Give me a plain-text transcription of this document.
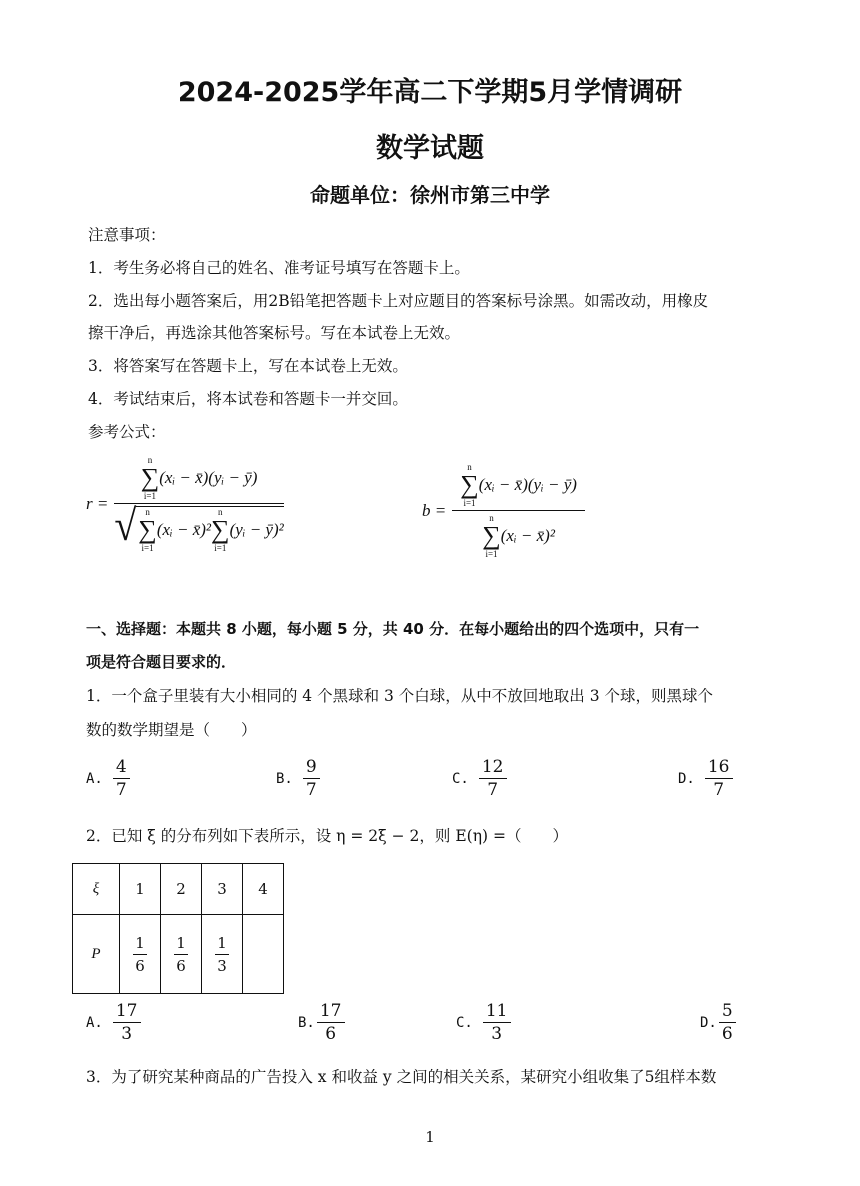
2024-2025学年高二下学期5月学情调研
数学试题
命题单位：徐州市第三中学
注意事项：
1．考生务必将自己的姓名、准考证号填写在答题卡上。
2．选出每小题答案后，用2B铅笔把答题卡上对应题目的答案标号涂黑。如需改动，用橡皮
擦干净后，再选涂其他答案标号。写在本试卷上无效。
3．将答案写在答题卡上，写在本试卷上无效。
4．考试结束后，将本试卷和答题卡一并交回。
参考公式：
r =
n
∑
i=1
(xᵢ − x̄)(yᵢ − ȳ)
√ n
∑
i=1
(xᵢ − x̄)²
n
∑
i=1
(yᵢ − ȳ)²
b =
n
∑
i=1
(xᵢ − x̄)(yᵢ − ȳ)
n
∑
i=1
(xᵢ − x̄)²
一、选择题：本题共 8 小题，每小题 5 分，共 40 分．在每小题给出的四个选项中，只有一
项是符合题目要求的．
1．一个盒子里装有大小相同的 4 个黑球和 3 个白球，从中不放回地取出 3 个球，则黑球个
数的数学期望是（　　）
A. $\frac{4}{7}$	B. $\frac{9}{7}$	C. $\frac{12}{7}$	D. $\frac{16}{7}$
2．已知 ξ 的分布列如下表所示，设 η = 2ξ − 2，则 E(η) =（　　）
ξ	1	2	3	4
P	$\frac{1}{6}$	$\frac{1}{6}$	$\frac{1}{3}$

A. $\frac{17}{3}$	B. $\frac{17}{6}$	C. $\frac{11}{3}$	D. $\frac{5}{6}$
3．为了研究某种商品的广告投入 x 和收益 y 之间的相关关系，某研究小组收集了5组样本数
1
